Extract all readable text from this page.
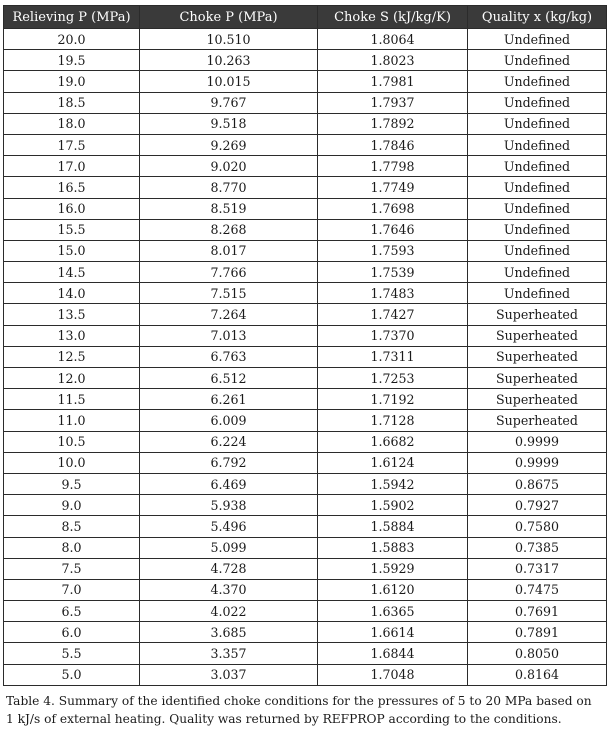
Relieving P (MPa)	Choke P (MPa)	Choke S (kJ/kg/K)	Quality x (kg/kg)
20.0	10.510	1.8064	Undefined
19.5	10.263	1.8023	Undefined
19.0	10.015	1.7981	Undefined
18.5	9.767	1.7937	Undefined
18.0	9.518	1.7892	Undefined
17.5	9.269	1.7846	Undefined
17.0	9.020	1.7798	Undefined
16.5	8.770	1.7749	Undefined
16.0	8.519	1.7698	Undefined
15.5	8.268	1.7646	Undefined
15.0	8.017	1.7593	Undefined
14.5	7.766	1.7539	Undefined
14.0	7.515	1.7483	Undefined
13.5	7.264	1.7427	Superheated
13.0	7.013	1.7370	Superheated
12.5	6.763	1.7311	Superheated
12.0	6.512	1.7253	Superheated
11.5	6.261	1.7192	Superheated
11.0	6.009	1.7128	Superheated
10.5	6.224	1.6682	0.9999
10.0	6.792	1.6124	0.9999
9.5	6.469	1.5942	0.8675
9.0	5.938	1.5902	0.7927
8.5	5.496	1.5884	0.7580
8.0	5.099	1.5883	0.7385
7.5	4.728	1.5929	0.7317
7.0	4.370	1.6120	0.7475
6.5	4.022	1.6365	0.7691
6.0	3.685	1.6614	0.7891
5.5	3.357	1.6844	0.8050
5.0	3.037	1.7048	0.8164
Table 4. Summary of the identified choke conditions for the pressures of 5 to 20 MPa based on 1 kJ/s of external heating. Quality was returned by REFPROP according to the conditions.
